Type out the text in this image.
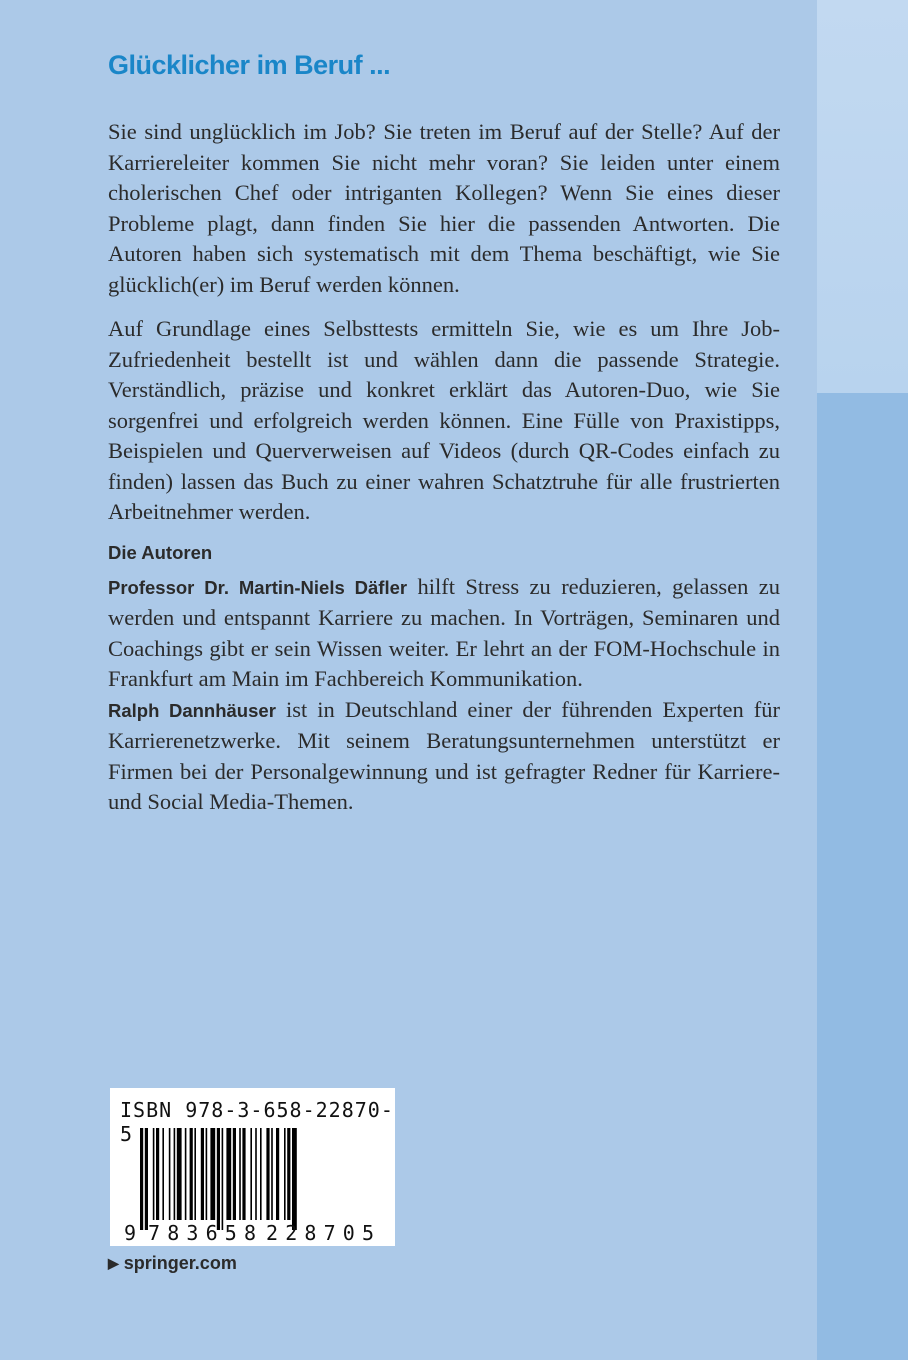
Glücklicher im Beruf ...

Sie sind unglücklich im Job? Sie treten im Beruf auf der Stelle? Auf der Karriereleiter kommen Sie nicht mehr voran? Sie leiden unter einem cholerischen Chef oder intriganten Kollegen? Wenn Sie eines dieser Probleme plagt, dann finden Sie hier die passenden Antworten. Die Autoren haben sich systematisch mit dem Thema beschäftigt, wie Sie glücklich(er) im Beruf werden können.

Auf Grundlage eines Selbsttests ermitteln Sie, wie es um Ihre Job-Zufriedenheit bestellt ist und wählen dann die passende Strategie. Verständlich, präzise und konkret erklärt das Autoren-Duo, wie Sie sorgenfrei und erfolgreich werden können. Eine Fülle von Praxistipps, Beispielen und Querverweisen auf Videos (durch QR-Codes einfach zu finden) lassen das Buch zu einer wahren Schatztruhe für alle frustrierten Arbeitnehmer werden.

Die Autoren

Professor Dr. Martin-Niels Däfler hilft Stress zu reduzieren, gelassen zu werden und entspannt Karriere zu machen. In Vorträgen, Seminaren und Coachings gibt er sein Wissen weiter. Er lehrt an der FOM-Hochschule in Frankfurt am Main im Fachbereich Kommunikation.

Ralph Dannhäuser ist in Deutschland einer der führenden Experten für Karrierenetzwerke. Mit seinem Beratungsunternehmen unterstützt er Firmen bei der Personalgewinnung und ist gefragter Redner für Karriere- und Social Media-Themen.

ISBN 978-3-658-22870-5
9 783658 228705
▶ springer.com
